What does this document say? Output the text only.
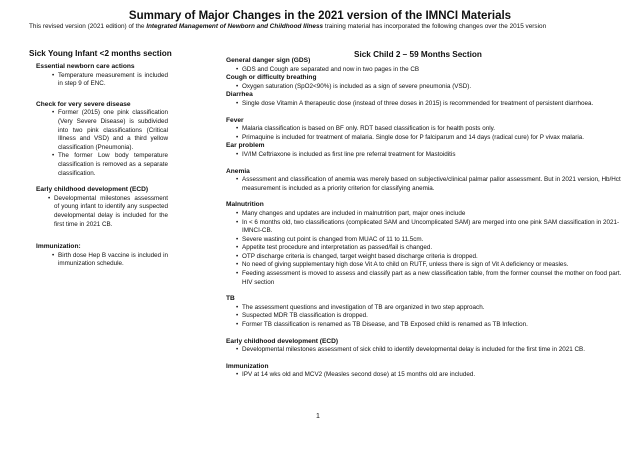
Summary of Major Changes in the 2021 version of the IMNCI Materials
This revised version (2021 edition) of the Integrated Management of Newborn and Childhood Illness training material has incorporated the following changes over the 2015 version
Sick Young Infant <2 months section	Sick Child 2 – 59 Months Section
Essential newborn care actions
• Temperature measurement is included in step 9 of ENC.
Check for very severe disease
• Former (2015) one pink classification (Very Severe Disease) is subdivided into two pink classifications (Critical Illness and VSD) and a third yellow classification (Pneumonia).
• The former Low body temperature classification is removed as a separate classification.
Early childhood development (ECD)
• Developmental milestones assessment of young infant to identify any suspected developmental delay is included for the first time in 2021 CB.
Immunization:
• Birth dose Hep B vaccine is included in immunization schedule.
General danger sign (GDS)
• GDS and Cough are separated and now in two pages in the CB
Cough or difficulty breathing
• Oxygen saturation (SpO2<90%) is included as a sign of severe pneumonia (VSD).
Diarrhea
• Single dose Vitamin A therapeutic dose (instead of three doses in 2015) is recommended for treatment of persistent diarrhoea.
Fever
• Malaria classification is based on BF only. RDT based classification is for health posts only.
• Primaquine is included for treatment of malaria. Single dose for P falciparum and 14 days (radical cure) for P vivax malaria.
Ear problem
• IV/IM Ceftriaxone is included as first line pre referral treatment for Mastoiditis
Anemia
• Assessment and classification of anemia was merely based on subjective/clinical palmar pallor assessment. But in 2021 version, Hb/Hct measurement is included as a priority criterion for classifying anemia.
Malnutrition
• Many changes and updates are included in malnutrition part, major ones include
• In < 6 months old, two classifications (complicated SAM and Uncomplicated SAM) are merged into one pink SAM classification in 2021-IMNCI-CB.
• Severe wasting cut point is changed from MUAC of 11 to 11.5cm.
• Appetite test procedure and interpretation as passed/fail is changed.
• OTP discharge criteria is changed, target weight based discharge criteria is dropped.
• No need of giving supplementary high dose Vit A to child on RUTF, unless there is sign of Vit A deficiency or measles.
• Feeding assessment is moved to assess and classify part as a new classification table, from the former counsel the mother on food part. HIV section
TB
• The assessment questions and investigation of TB are organized in two step approach.
• Suspected MDR TB classification is dropped.
• Former TB classification is renamed as TB Disease, and TB Exposed child is renamed as TB Infection.
Early childhood development (ECD)
• Developmental milestones assessment of sick child to identify developmental delay is included for the first time in 2021 CB.
Immunization
• IPV at 14 wks old and MCV2 (Measles second dose) at 15 months old are included.
1
